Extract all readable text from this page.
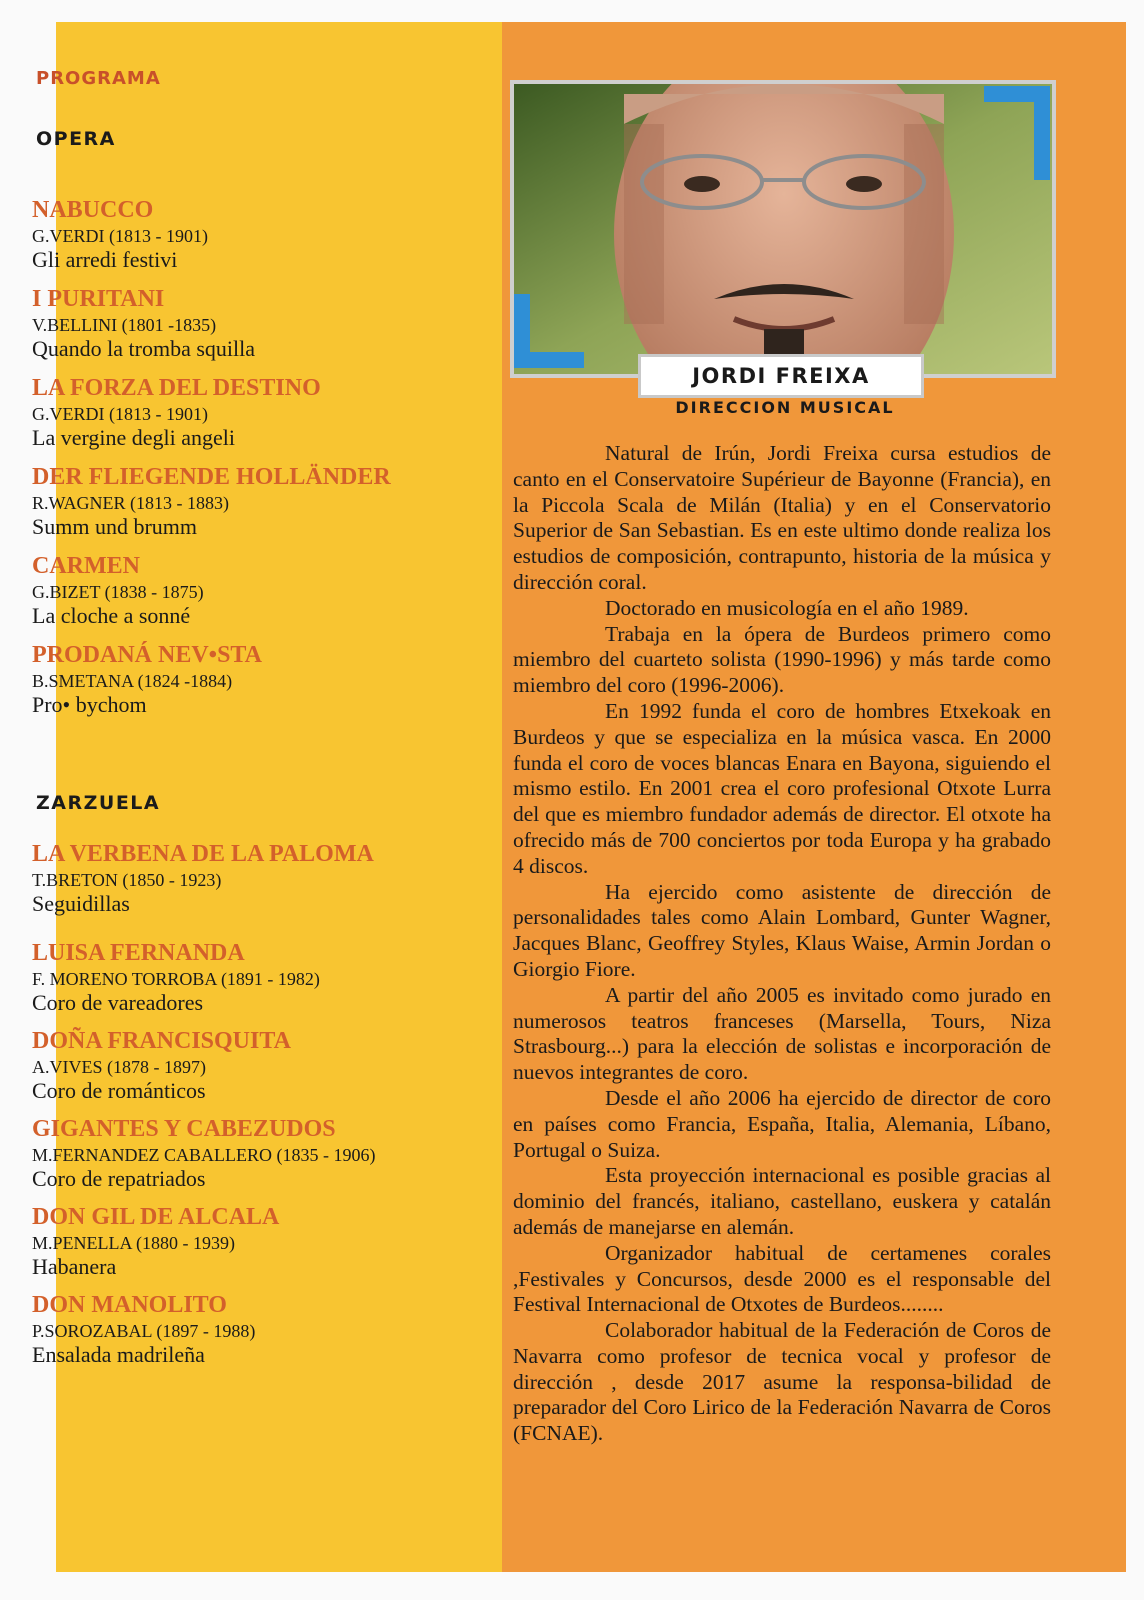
PROGRAMA
OPERA
NABUCCO
G.VERDI (1813 - 1901)
Gli arredi festivi
I PURITANI
V.BELLINI (1801 -1835)
Quando la tromba squilla
LA FORZA DEL DESTINO
G.VERDI (1813 - 1901)
La vergine degli angeli
DER FLIEGENDE HOLLÄNDER
R.WAGNER (1813 - 1883)
Summ und brumm
CARMEN
G.BIZET (1838 - 1875)
La cloche a sonné
PRODANÁ NEV•STA
B.SMETANA (1824 -1884)
Pro• bychom
ZARZUELA
LA VERBENA DE LA PALOMA
T.BRETON (1850 - 1923)
Seguidillas
LUISA FERNANDA
F. MORENO TORROBA (1891 - 1982)
Coro de vareadores
DOÑA FRANCISQUITA
A.VIVES (1878 - 1897)
Coro de románticos
GIGANTES Y CABEZUDOS
M.FERNANDEZ CABALLERO (1835 - 1906)
Coro de repatriados
DON GIL DE ALCALA
M.PENELLA (1880 - 1939)
Habanera
DON MANOLITO
P.SOROZABAL (1897 - 1988)
Ensalada madrileña
JORDI FREIXA
DIRECCION MUSICAL

Natural de Irún, Jordi Freixa cursa estudios de canto en el Conservatoire Supérieur de Bayonne (Francia), en la Piccola Scala de Milán (Italia) y en el Conservatorio Superior de San Sebastian. Es en este ultimo donde realiza los estudios de composición, contrapunto, historia de la música y dirección coral.

Doctorado en musicología en el año 1989.

Trabaja en la ópera de Burdeos primero como miembro del cuarteto solista (1990-1996) y más tarde como miembro del coro (1996-2006).

En 1992 funda el coro de hombres Etxekoak en Burdeos y que se especializa en la música vasca. En 2000 funda el coro de voces blancas Enara en Bayona, siguiendo el mismo estilo. En 2001 crea el coro profesional Otxote Lurra del que es miembro fundador además de director. El otxote ha ofrecido más de 700 conciertos por toda Europa y ha grabado 4 discos.

Ha ejercido como asistente de dirección de personalidades tales como Alain Lombard, Gunter Wagner, Jacques Blanc, Geoffrey Styles, Klaus Waise, Armin Jordan o Giorgio Fiore.

A partir del año 2005 es invitado como jurado en numerosos teatros franceses (Marsella, Tours, Niza Strasbourg...) para la elección de solistas e incorporación de nuevos integrantes de coro.

Desde el año 2006 ha ejercido de director de coro en países como Francia, España, Italia, Alemania, Líbano, Portugal o Suiza.

Esta proyección internacional es posible gracias al dominio del francés, italiano, castellano, euskera y catalán además de manejarse en alemán.

Organizador habitual de certamenes corales ,Festivales y Concursos, desde 2000 es el responsable del Festival Internacional de Otxotes de Burdeos........

Colaborador habitual de la Federación de Coros de Navarra como profesor de tecnica vocal y profesor de dirección , desde 2017 asume la responsa-bilidad de preparador del Coro Lirico de la Federación Navarra de Coros (FCNAE).
